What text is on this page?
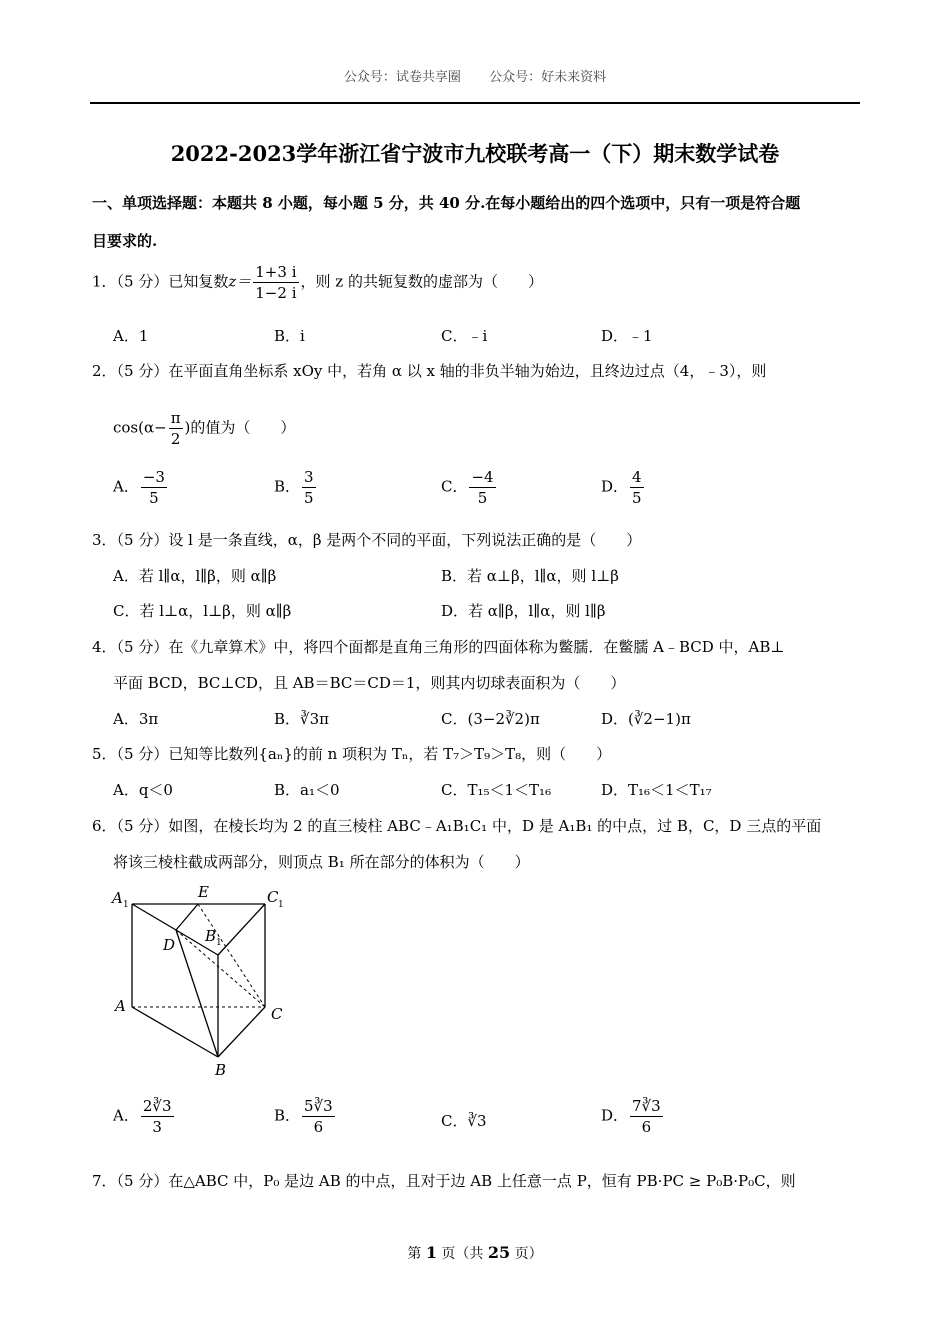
公众号：试卷共享圈 公众号：好未来资料
2022-2023学年浙江省宁波市九校联考高一（下）期末数学试卷
一、单项选择题：本题共 8 小题，每小题 5 分，共 40 分.在每小题给出的四个选项中，只有一项是符合题
目要求的.
1．（5 分）已知复数$z= \frac{1+3 i}{1-2 i}$ ，则 z 的共轭复数的虚部为（　　）
A．1	B．i	C．﹣i	D．﹣1
2．（5 分）在平面直角坐标系 xOy 中，若角 α 以 x 轴的非负半轴为始边，且终边过点（4，﹣3），则
$\cos(\alpha- \frac{\pi}{2}$ )的值为（　　）
A． $\frac{-3}{5}$	B． $\frac{3}{5}$	C． $\frac{-4}{5}$	D． $\frac{4}{5}$
3．（5 分）设 l 是一条直线，α，β 是两个不同的平面，下列说法正确的是（　　）
A．若 l∥α，l∥β，则 α∥β	B．若 α⊥β，l∥α，则 l⊥β
C．若 l⊥α，l⊥β，则 α∥β	D．若 α∥β，l∥α，则 l∥β
4．（5 分）在《九章算术》中，将四个面都是直角三角形的四面体称为鳖臑．在鳖臑 A﹣BCD 中，AB⊥
平面 BCD，BC⊥CD，且 AB＝BC＝CD＝1，则其内切球表面积为（　　）
A．3π	B．∛3π	C．(3−2∛2)π	D．(∛2−1)π
5．（5 分）已知等比数列{aₙ}的前 n 项积为 Tₙ，若 T₇＞T₉＞T₈，则（　　）
A．q＜0	B．a₁＜0	C．T₁₅＜1＜T₁₆	D．T₁₆＜1＜T₁₇
6．（5 分）如图，在棱长均为 2 的直三棱柱 ABC﹣A₁B₁C₁ 中，D 是 A₁B₁ 的中点，过 B，C，D 三点的平面
将该三棱柱截成两部分，则顶点 B₁ 所在部分的体积为（　　）
A 1
E	C 1
D B 1
A	C
B
A． $\frac{2∛3}{3}$	B． $\frac{5∛3}{6}$	C．∛3	D． $\frac{7∛3}{6}$
7．（5 分）在△ABC 中，P₀ 是边 AB 的中点，且对于边 AB 上任意一点 P，恒有 PB·PC ≥ P₀B·P₀C，则
第 1 页（共 25 页）
